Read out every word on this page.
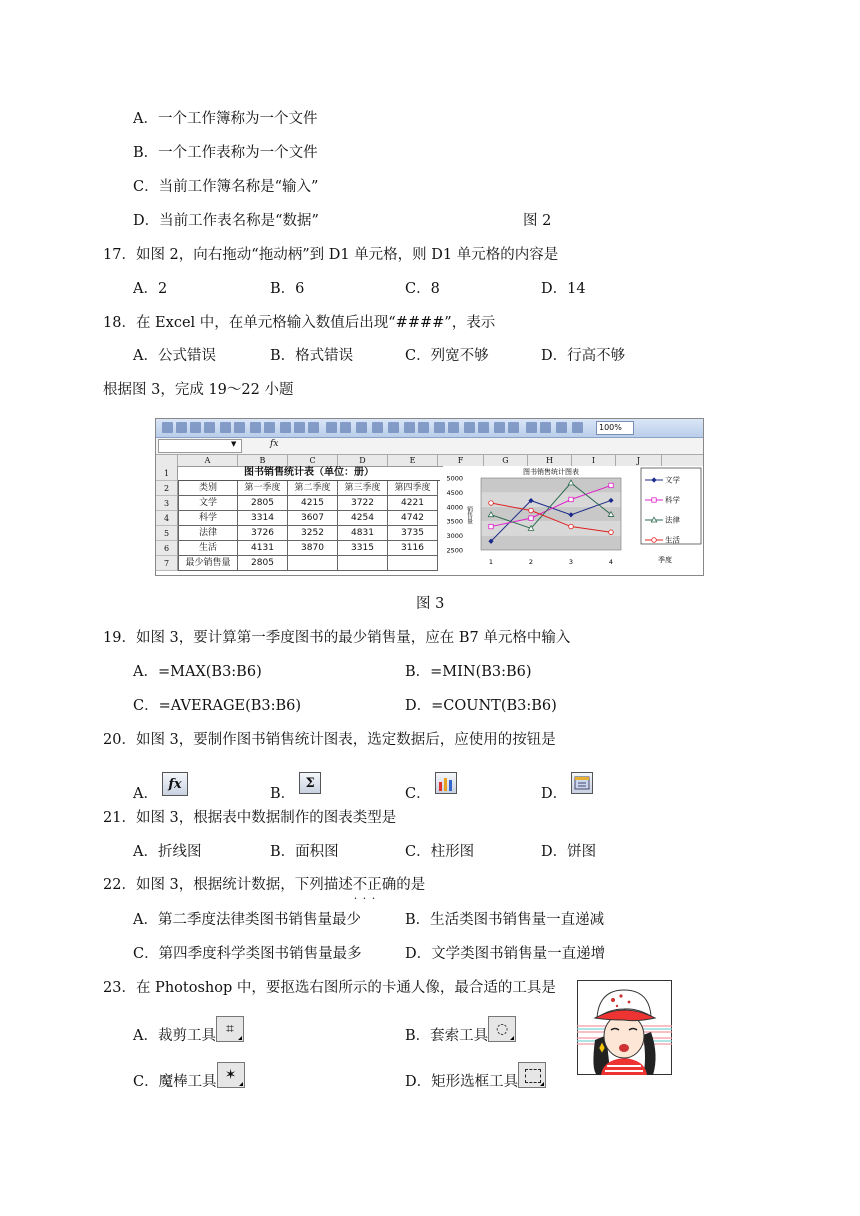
A．一个工作簿称为一个文件
B．一个工作表称为一个文件
C．当前工作簿名称是“输入”
D．当前工作表名称是“数据”	图 2
17．如图 2，向右拖动“拖动柄”到 D1 单元格，则 D1 单元格的内容是
A．2	B．6	C．8	D．14
18．在 Excel 中，在单元格输入数值后出现“####”，表示
A．公式错误	B．格式错误	C．列宽不够	D．行高不够
根据图 3，完成 19～22 小题
100%
▼	fx
A	B	C	D	E	F	G	H	I	J
1
2
3
4
5
6
7
图书销售统计表（单位：册）
类别	第一季度	第二季度	第三季度	第四季度
文学	2805	4215	3722	4221
科学	3314	3607	4254	4742
法律	3726	3252	4831	3735
生活	4131	3870	3315	3116
最少销售量	2805
图书销售统计图表
5000
4500
4000
3500
3000
2500
销售量
1	2	3	4	季度
文学
科学
法律
生活
图 3
19．如图 3，要计算第一季度图书的最少销售量，应在 B7 单元格中输入
A．=MAX(B3:B6)	B．=MIN(B3:B6)
C．=AVERAGE(B3:B6)	D．=COUNT(B3:B6)
20．如图 3，要制作图书销售统计图表，选定数据后，应使用的按钮是
A．
fx
B．
Σ
C．	D．
21．如图 3，根据表中数据制作的图表类型是
A．折线图	B．面积图	C．柱形图	D．饼图
22．如图 3，根据统计数据，下列描述不正确 · · ·的是
A．第二季度法律类图书销售量最少	B．生活类图书销售量一直递减
C．第四季度科学类图书销售量最多	D．文学类图书销售量一直递增
23．在 Photoshop 中，要抠选右图所示的卡通人像，最合适的工具是
A．裁剪工具 ⌗	B．套索工具 ◌
C．魔棒工具 ✶	D．矩形选框工具
